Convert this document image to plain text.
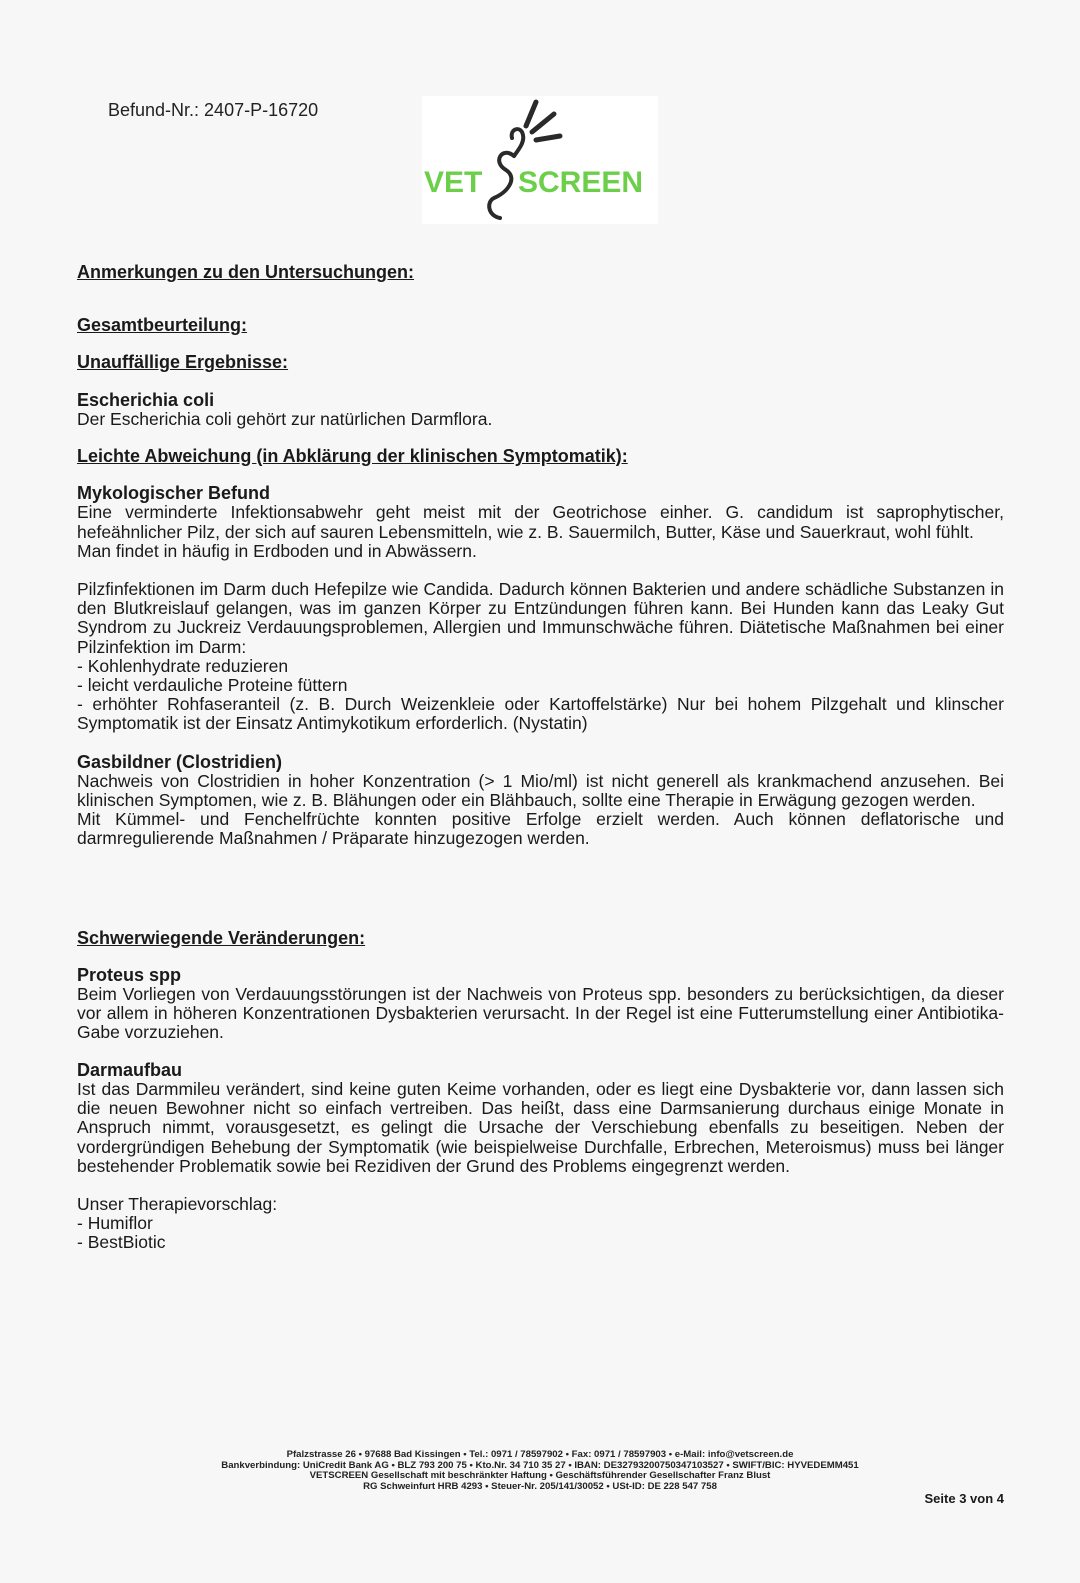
Befund-Nr.: 2407-P-16720
VET SCREEN

Anmerkungen zu den Untersuchungen:

Gesamtbeurteilung:

Unauffällige Ergebnisse:

Escherichia coli

Der Escherichia coli gehört zur natürlichen Darmflora.

Leichte Abweichung (in Abklärung der klinischen Symptomatik):

Mykologischer Befund

Eine verminderte Infektionsabwehr geht meist mit der Geotrichose einher. G. candidum ist saprophytischer, hefeähnlicher Pilz, der sich auf sauren Lebensmitteln, wie z. B. Sauermilch, Butter, Käse und Sauerkraut, wohl fühlt.

Man findet in häufig in Erdboden und in Abwässern.

Pilzfinfektionen im Darm duch Hefepilze wie Candida. Dadurch können Bakterien und andere schädliche Substanzen in den Blutkreislauf gelangen, was im ganzen Körper zu Entzündungen führen kann. Bei Hunden kann das Leaky Gut Syndrom zu Juckreiz Verdauungsproblemen, Allergien und Immunschwäche führen. Diätetische Maßnahmen bei einer Pilzinfektion im Darm:

- Kohlenhydrate reduzieren
- leicht verdauliche Proteine füttern
- erhöhter Rohfaseranteil (z. B. Durch Weizenkleie oder Kartoffelstärke) Nur bei hohem Pilzgehalt und klinscher Symptomatik ist der Einsatz Antimykotikum erforderlich. (Nystatin)

Gasbildner (Clostridien)

Nachweis von Clostridien in hoher Konzentration (> 1 Mio/ml) ist nicht generell als krankmachend anzusehen. Bei klinischen Symptomen, wie z. B. Blähungen oder ein Blähbauch, sollte eine Therapie in Erwägung gezogen werden.

Mit Kümmel- und Fenchelfrüchte konnten positive Erfolge erzielt werden. Auch können deflatorische und darmregulierende Maßnahmen / Präparate hinzugezogen werden.

Schwerwiegende Veränderungen:

Proteus spp

Beim Vorliegen von Verdauungsstörungen ist der Nachweis von Proteus spp. besonders zu berücksichtigen, da dieser vor allem in höheren Konzentrationen Dysbakterien verursacht. In der Regel ist eine Futterumstellung einer Antibiotika-Gabe vorzuziehen.

Darmaufbau

Ist das Darmmileu verändert, sind keine guten Keime vorhanden, oder es liegt eine Dysbakterie vor, dann lassen sich die neuen Bewohner nicht so einfach vertreiben. Das heißt, dass eine Darmsanierung durchaus einige Monate in Anspruch nimmt, vorausgesetzt, es gelingt die Ursache der Verschiebung ebenfalls zu beseitigen. Neben der vordergründigen Behebung der Symptomatik (wie beispielweise Durchfalle, Erbrechen, Meteroismus) muss bei länger bestehender Problematik sowie bei Rezidiven der Grund des Problems eingegrenzt werden.

Unser Therapievorschlag:

- Humiflor
- BestBiotic
Pfalzstrasse 26 • 97688 Bad Kissingen • Tel.: 0971 / 78597902 • Fax: 0971 / 78597903 • e-Mail: info@vetscreen.de
Bankverbindung: UniCredit Bank AG • BLZ 793 200 75 • Kto.Nr. 34 710 35 27 • IBAN: DE32793200750347103527 • SWIFT/BIC: HYVEDEMM451
VETSCREEN Gesellschaft mit beschränkter Haftung • Geschäftsführender Gesellschafter Franz Blust
RG Schweinfurt HRB 4293 • Steuer-Nr. 205/141/30052 • USt-ID: DE 228 547 758
Seite 3 von 4
